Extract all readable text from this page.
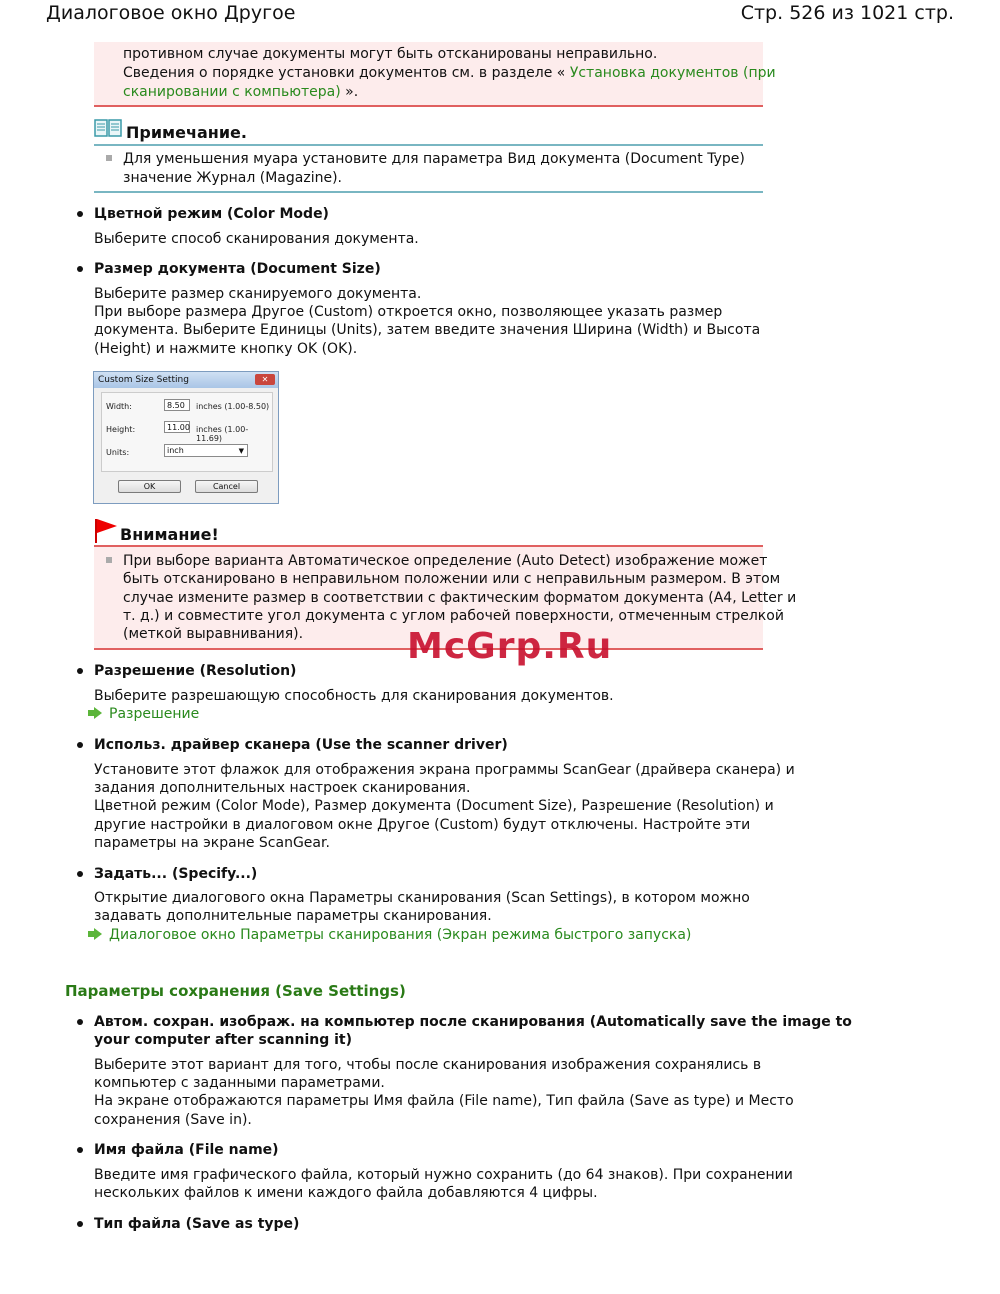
Диалоговое окно Другое	Стр. 526 из 1021 стр.
противном случае документы могут быть отсканированы неправильно.
Сведения о порядке установки документов см. в разделе « Установка документов (при
сканировании с компьютера) ».
Примечание.
Для уменьшения муара установите для параметра Вид документа (Document Type)
значение Журнал (Magazine).
Цветной режим (Color Mode)
Выберите способ сканирования документа.
Размер документа (Document Size)
Выберите размер сканируемого документа.
При выборе размера Другое (Custom) откроется окно, позволяющее указать размер
документа. Выберите Единицы (Units), затем введите значения Ширина (Width) и Высота
(Height) и нажмите кнопку OK (OK).
Custom Size Setting	✕
Width:	8.50	inches (1.00-8.50)
Height:	11.00 inches (1.00-11.69)
Units:	inch	▼
OK	Cancel
Внимание!
При выборе варианта Автоматическое определение (Auto Detect) изображение может
быть отсканировано в неправильном положении или с неправильным размером. В этом
случае измените размер в соответствии с фактическим форматом документа (A4, Letter и
т. д.) и совместите угол документа с углом рабочей поверхности, отмеченным стрелкой
(меткой выравнивания).	McGrp.Ru
Разрешение (Resolution)
Выберите разрешающую способность для сканирования документов.
Разрешение
Использ. драйвер сканера (Use the scanner driver)
Установите этот флажок для отображения экрана программы ScanGear (драйвера сканера) и
задания дополнительных настроек сканирования.
Цветной режим (Color Mode), Размер документа (Document Size), Разрешение (Resolution) и
другие настройки в диалоговом окне Другое (Custom) будут отключены. Настройте эти
параметры на экране ScanGear.
Задать... (Specify...)
Открытие диалогового окна Параметры сканирования (Scan Settings), в котором можно
задавать дополнительные параметры сканирования.
Диалоговое окно Параметры сканирования (Экран режима быстрого запуска)
Параметры сохранения (Save Settings)
Автом. сохран. изображ. на компьютер после сканирования (Automatically save the image to
your computer after scanning it)
Выберите этот вариант для того, чтобы после сканирования изображения сохранялись в
компьютер с заданными параметрами.
На экране отображаются параметры Имя файла (File name), Тип файла (Save as type) и Место
сохранения (Save in).
Имя файла (File name)
Введите имя графического файла, который нужно сохранить (до 64 знаков). При сохранении
нескольких файлов к имени каждого файла добавляются 4 цифры.
Тип файла (Save as type)
